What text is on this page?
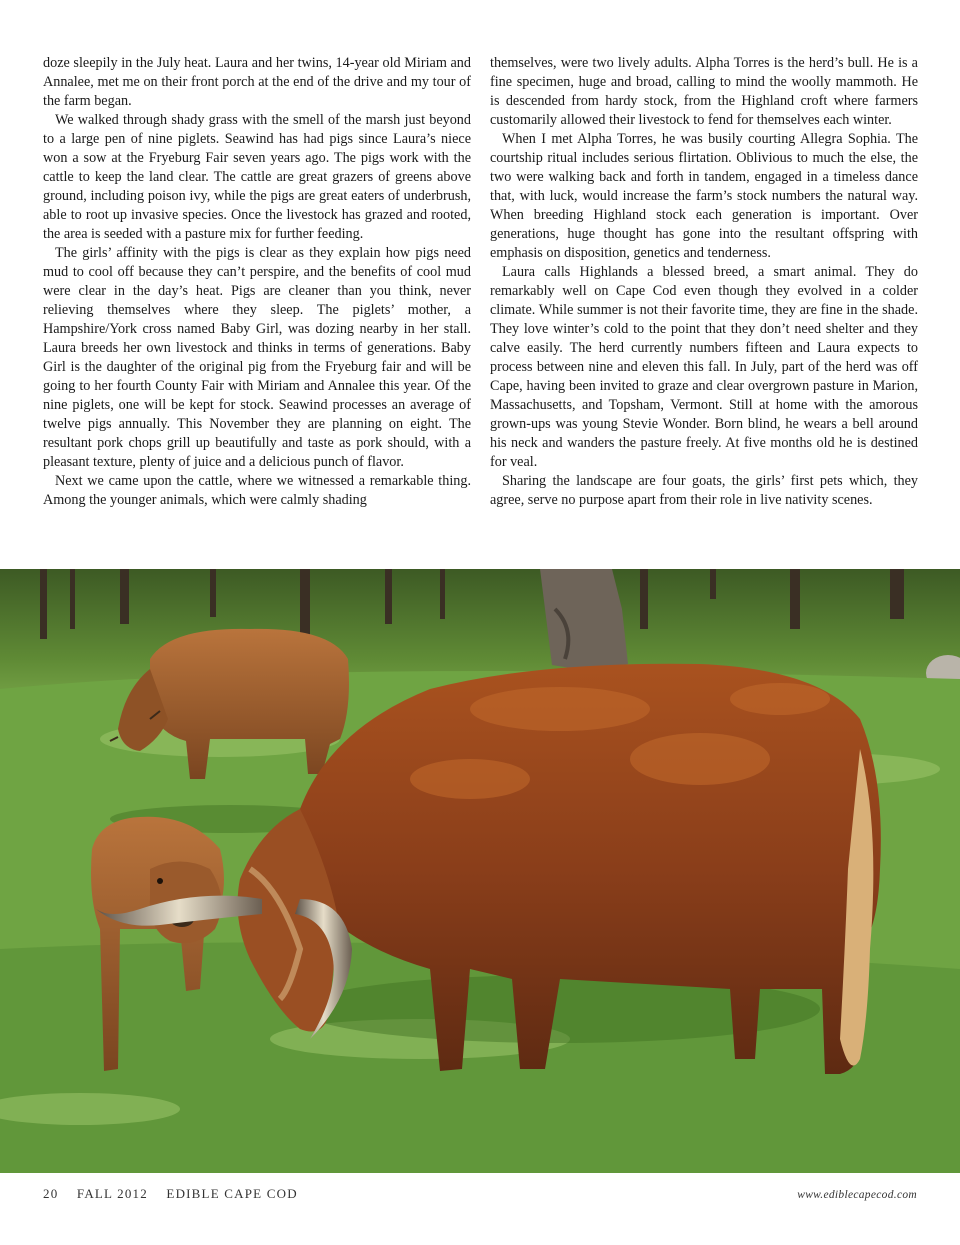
doze sleepily in the July heat. Laura and her twins, 14-year old Miriam and Annalee, met me on their front porch at the end of the drive and my tour of the farm began.

We walked through shady grass with the smell of the marsh just beyond to a large pen of nine piglets. Seawind has had pigs since Laura’s niece won a sow at the Fryeburg Fair seven years ago. The pigs work with the cattle to keep the land clear. The cattle are great grazers of greens above ground, including poison ivy, while the pigs are great eaters of underbrush, able to root up invasive species. Once the livestock has grazed and rooted, the area is seeded with a pasture mix for further feeding.

The girls’ affinity with the pigs is clear as they explain how pigs need mud to cool off because they can’t perspire, and the benefits of cool mud were clear in the day’s heat. Pigs are cleaner than you think, never relieving themselves where they sleep. The piglets’ mother, a Hampshire/York cross named Baby Girl, was dozing nearby in her stall. Laura breeds her own livestock and thinks in terms of generations. Baby Girl is the daughter of the original pig from the Fryeburg fair and will be going to her fourth County Fair with Miriam and Annalee this year. Of the nine piglets, one will be kept for stock. Seawind processes an average of twelve pigs annually. This November they are planning on eight. The resultant pork chops grill up beautifully and taste as pork should, with a pleasant texture, plenty of juice and a delicious punch of flavor.

Next we came upon the cattle, where we witnessed a remarkable thing. Among the younger animals, which were calmly shading

themselves, were two lively adults. Alpha Torres is the herd’s bull. He is a fine specimen, huge and broad, calling to mind the woolly mammoth. He is descended from hardy stock, from the Highland croft where farmers customarily allowed their livestock to fend for themselves each winter.

When I met Alpha Torres, he was busily courting Allegra Sophia. The courtship ritual includes serious flirtation. Oblivious to much the else, the two were walking back and forth in tandem, engaged in a timeless dance that, with luck, would increase the farm’s stock numbers the natural way. When breeding Highland stock each generation is important. Over generations, huge thought has gone into the resultant offspring with emphasis on disposition, genetics and tenderness.

Laura calls Highlands a blessed breed, a smart animal. They do remarkably well on Cape Cod even though they evolved in a colder climate. While summer is not their favorite time, they are fine in the shade. They love winter’s cold to the point that they don’t need shelter and they calve easily. The herd currently numbers fifteen and Laura expects to process between nine and eleven this fall. In July, part of the herd was off Cape, having been invited to graze and clear overgrown pasture in Marion, Massachusetts, and Topsham, Vermont. Still at home with the amorous grown-ups was young Stevie Wonder. Born blind, he wears a bell around his neck and wanders the pasture freely. At five months old he is destined for veal.

Sharing the landscape are four goats, the girls’ first pets which, they agree, serve no purpose apart from their role in live nativity scenes.

20 FALL 2012 EDIBLE CAPE COD	www.ediblecapecod.com
